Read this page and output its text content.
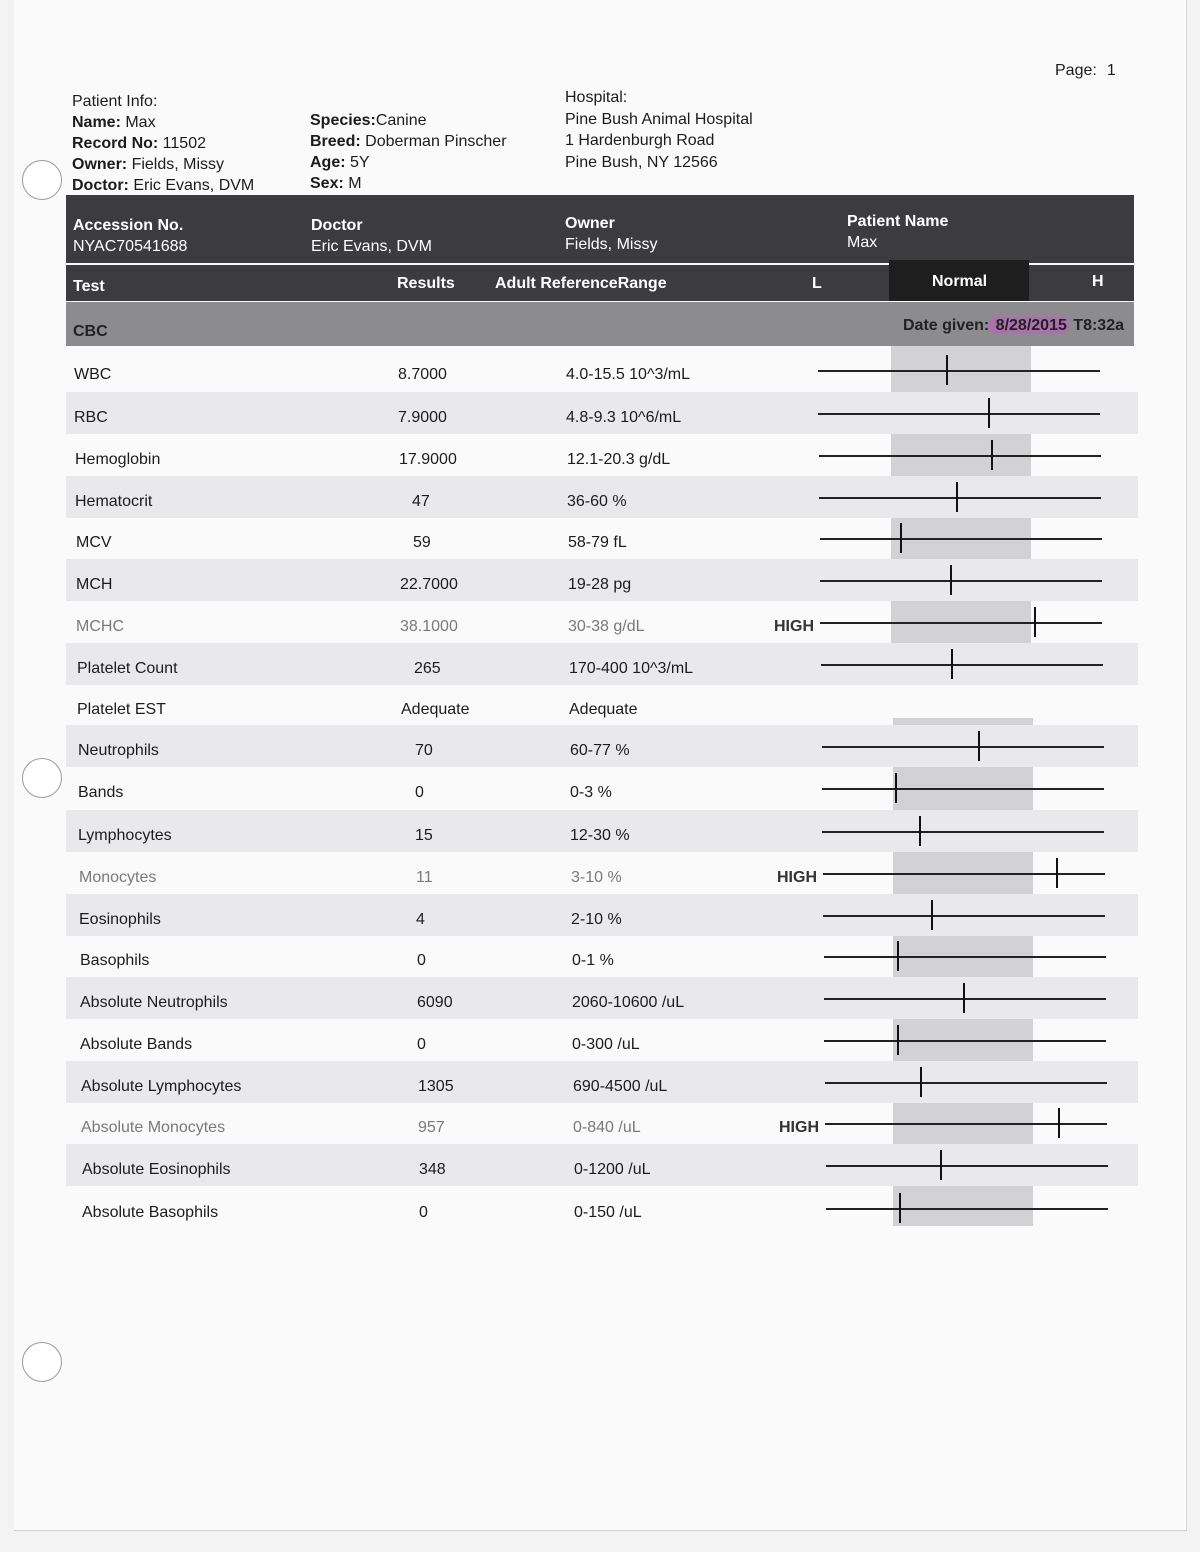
Page: 1
Patient Info:
Name: Max
Record No: 11502
Owner: Fields, Missy
Doctor: Eric Evans, DVM
Species:Canine
Breed: Doberman Pinscher
Age: 5Y
Sex: M
Hospital:
Pine Bush Animal Hospital
1 Hardenburgh Road
Pine Bush, NY 12566
Accession No.
NYAC70541688
Doctor
Eric Evans, DVM
Owner
Fields, Missy
Patient Name
Max
Test	Results	Adult ReferenceRange	L	Normal	H
CBC	Date given: 8/28/2015 T8:32a
WBC	8.7000	4.0-15.5 10^3/mL
RBC	7.9000	4.8-9.3 10^6/mL
Hemoglobin	17.9000	12.1-20.3 g/dL
Hematocrit	47	36-60 %
MCV	59	58-79 fL
MCH	22.7000	19-28 pg
MCHC	38.1000	30-38 g/dL	HIGH
Platelet Count	265	170-400 10^3/mL
Platelet EST	Adequate	Adequate
Neutrophils	70	60-77 %
Bands	0	0-3 %
Lymphocytes	15	12-30 %
Monocytes	11	3-10 %	HIGH
Eosinophils	4	2-10 %
Basophils	0	0-1 %
Absolute Neutrophils	6090	2060-10600 /uL
Absolute Bands	0	0-300 /uL
Absolute Lymphocytes	1305	690-4500 /uL
Absolute Monocytes	957	0-840 /uL	HIGH
Absolute Eosinophils	348	0-1200 /uL
Absolute Basophils	0	0-150 /uL
